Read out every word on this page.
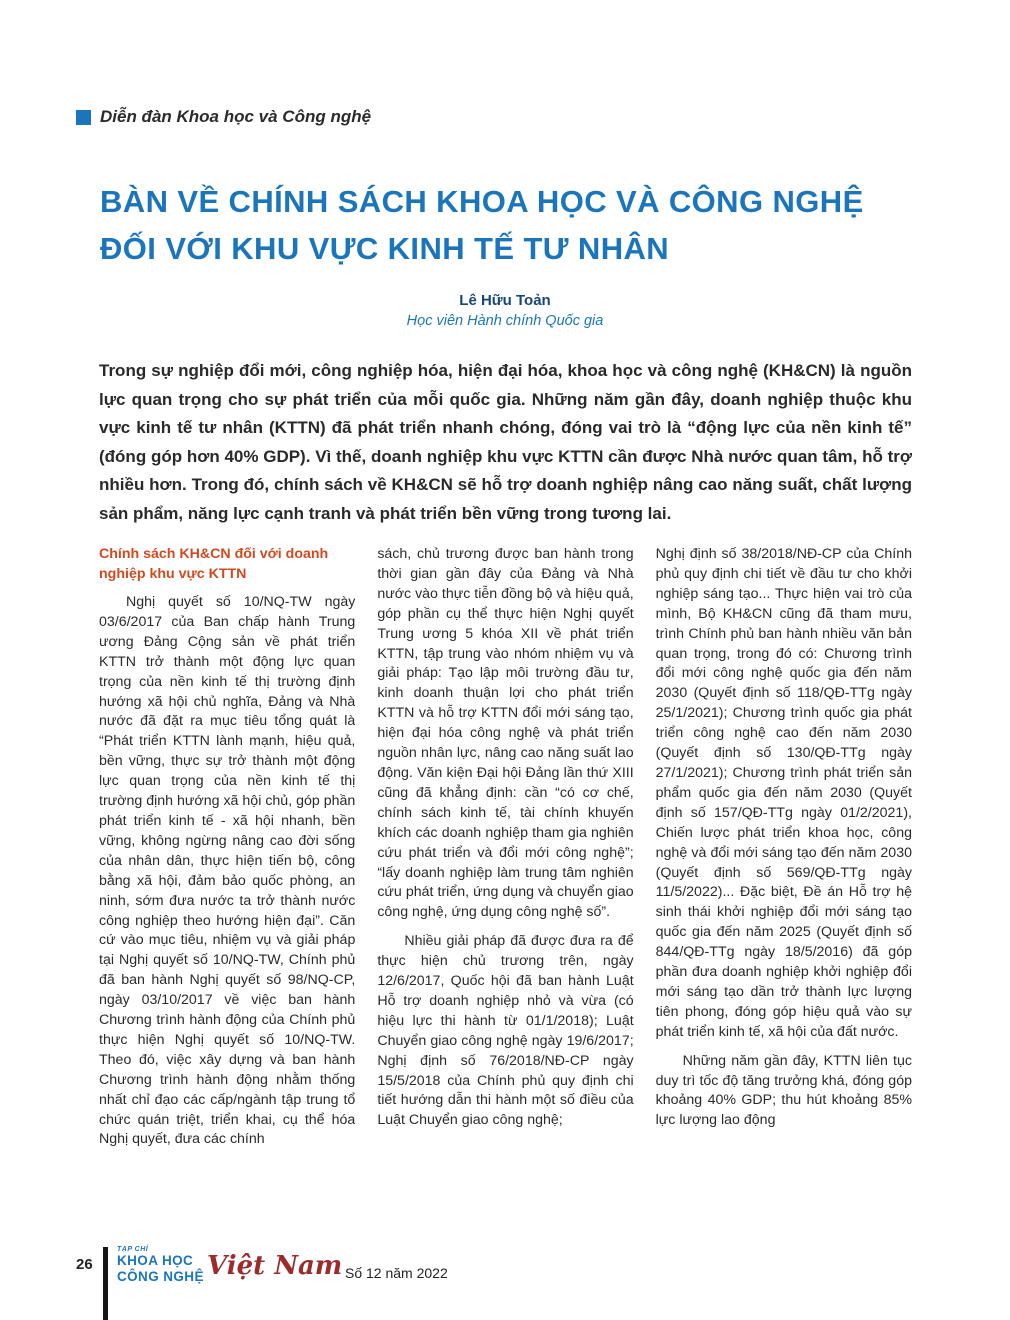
Diễn đàn Khoa học và Công nghệ
BÀN VỀ CHÍNH SÁCH KHOA HỌC VÀ CÔNG NGHỆ
ĐỐI VỚI KHU VỰC KINH TẾ TƯ NHÂN
Lê Hữu Toản
Học viên Hành chính Quốc gia
Trong sự nghiệp đổi mới, công nghiệp hóa, hiện đại hóa, khoa học và công nghệ (KH&CN) là nguồn lực quan trọng cho sự phát triển của mỗi quốc gia. Những năm gần đây, doanh nghiệp thuộc khu vực kinh tế tư nhân (KTTN) đã phát triển nhanh chóng, đóng vai trò là “động lực của nền kinh tế” (đóng góp hơn 40% GDP). Vì thế, doanh nghiệp khu vực KTTN cần được Nhà nước quan tâm, hỗ trợ nhiều hơn. Trong đó, chính sách về KH&CN sẽ hỗ trợ doanh nghiệp nâng cao năng suất, chất lượng sản phẩm, năng lực cạnh tranh và phát triển bền vững trong tương lai.
Chính sách KH&CN đối với doanh nghiệp khu vực KTTN

Nghị quyết số 10/NQ-TW ngày 03/6/2017 của Ban chấp hành Trung ương Đảng Cộng sản về phát triển KTTN trở thành một động lực quan trọng của nền kinh tế thị trường định hướng xã hội chủ nghĩa, Đảng và Nhà nước đã đặt ra mục tiêu tổng quát là “Phát triển KTTN lành mạnh, hiệu quả, bền vững, thực sự trở thành một động lực quan trọng của nền kinh tế thị trường định hướng xã hội chủ, góp phần phát triển kinh tế - xã hội nhanh, bền vững, không ngừng nâng cao đời sống của nhân dân, thực hiện tiến bộ, công bằng xã hội, đảm bảo quốc phòng, an ninh, sớm đưa nước ta trở thành nước công nghiệp theo hướng hiện đại”. Căn cứ vào mục tiêu, nhiệm vụ và giải pháp tại Nghị quyết số 10/NQ-TW, Chính phủ đã ban hành Nghị quyết số 98/NQ-CP, ngày 03/10/2017 về việc ban hành Chương trình hành động của Chính phủ thực hiện Nghị quyết số 10/NQ-TW. Theo đó, việc xây dựng và ban hành Chương trình hành động nhằm thống nhất chỉ đạo các cấp/ngành tập trung tổ chức quán triệt, triển khai, cụ thể hóa Nghị quyết, đưa các chính

sách, chủ trương được ban hành trong thời gian gần đây của Đảng và Nhà nước vào thực tiễn đồng bộ và hiệu quả, góp phần cụ thể thực hiện Nghị quyết Trung ương 5 khóa XII về phát triển KTTN, tập trung vào nhóm nhiệm vụ và giải pháp: Tạo lập môi trường đầu tư, kinh doanh thuận lợi cho phát triển KTTN và hỗ trợ KTTN đổi mới sáng tạo, hiện đại hóa công nghệ và phát triển nguồn nhân lực, nâng cao năng suất lao động. Văn kiện Đại hội Đảng lần thứ XIII cũng đã khẳng định: cần “có cơ chế, chính sách kinh tế, tài chính khuyến khích các doanh nghiệp tham gia nghiên cứu phát triển và đổi mới công nghệ”; “lấy doanh nghiệp làm trung tâm nghiên cứu phát triển, ứng dụng và chuyển giao công nghệ, ứng dụng công nghệ số”.

Nhiều giải pháp đã được đưa ra để thực hiện chủ trương trên, ngày 12/6/2017, Quốc hội đã ban hành Luật Hỗ trợ doanh nghiệp nhỏ và vừa (có hiệu lực thi hành từ 01/1/2018); Luật Chuyển giao công nghệ ngày 19/6/2017; Nghị định số 76/2018/NĐ-CP ngày 15/5/2018 của Chính phủ quy định chi tiết hướng dẫn thi hành một số điều của Luật Chuyển giao công nghệ;

Nghị định số 38/2018/NĐ-CP của Chính phủ quy định chi tiết về đầu tư cho khởi nghiệp sáng tạo... Thực hiện vai trò của mình, Bộ KH&CN cũng đã tham mưu, trình Chính phủ ban hành nhiều văn bản quan trọng, trong đó có: Chương trình đổi mới công nghệ quốc gia đến năm 2030 (Quyết định số 118/QĐ-TTg ngày 25/1/2021); Chương trình quốc gia phát triển công nghệ cao đến năm 2030 (Quyết định số 130/QĐ-TTg ngày 27/1/2021); Chương trình phát triển sản phẩm quốc gia đến năm 2030 (Quyết định số 157/QĐ-TTg ngày 01/2/2021), Chiến lược phát triển khoa học, công nghệ và đổi mới sáng tạo đến năm 2030 (Quyết định số 569/QĐ-TTg ngày 11/5/2022)... Đặc biệt, Đề án Hỗ trợ hệ sinh thái khởi nghiệp đổi mới sáng tạo quốc gia đến năm 2025 (Quyết định số 844/QĐ-TTg ngày 18/5/2016) đã góp phần đưa doanh nghiệp khởi nghiệp đổi mới sáng tạo dần trở thành lực lượng tiên phong, đóng góp hiệu quả vào sự phát triển kinh tế, xã hội của đất nước.

Những năm gần đây, KTTN liên tục duy trì tốc độ tăng trưởng khá, đóng góp khoảng 40% GDP; thu hút khoảng 85% lực lượng lao động

26
TẠP CHÍ
KHOA HỌC
CÔNG NGHỆ Việt Nam Số 12 năm 2022
